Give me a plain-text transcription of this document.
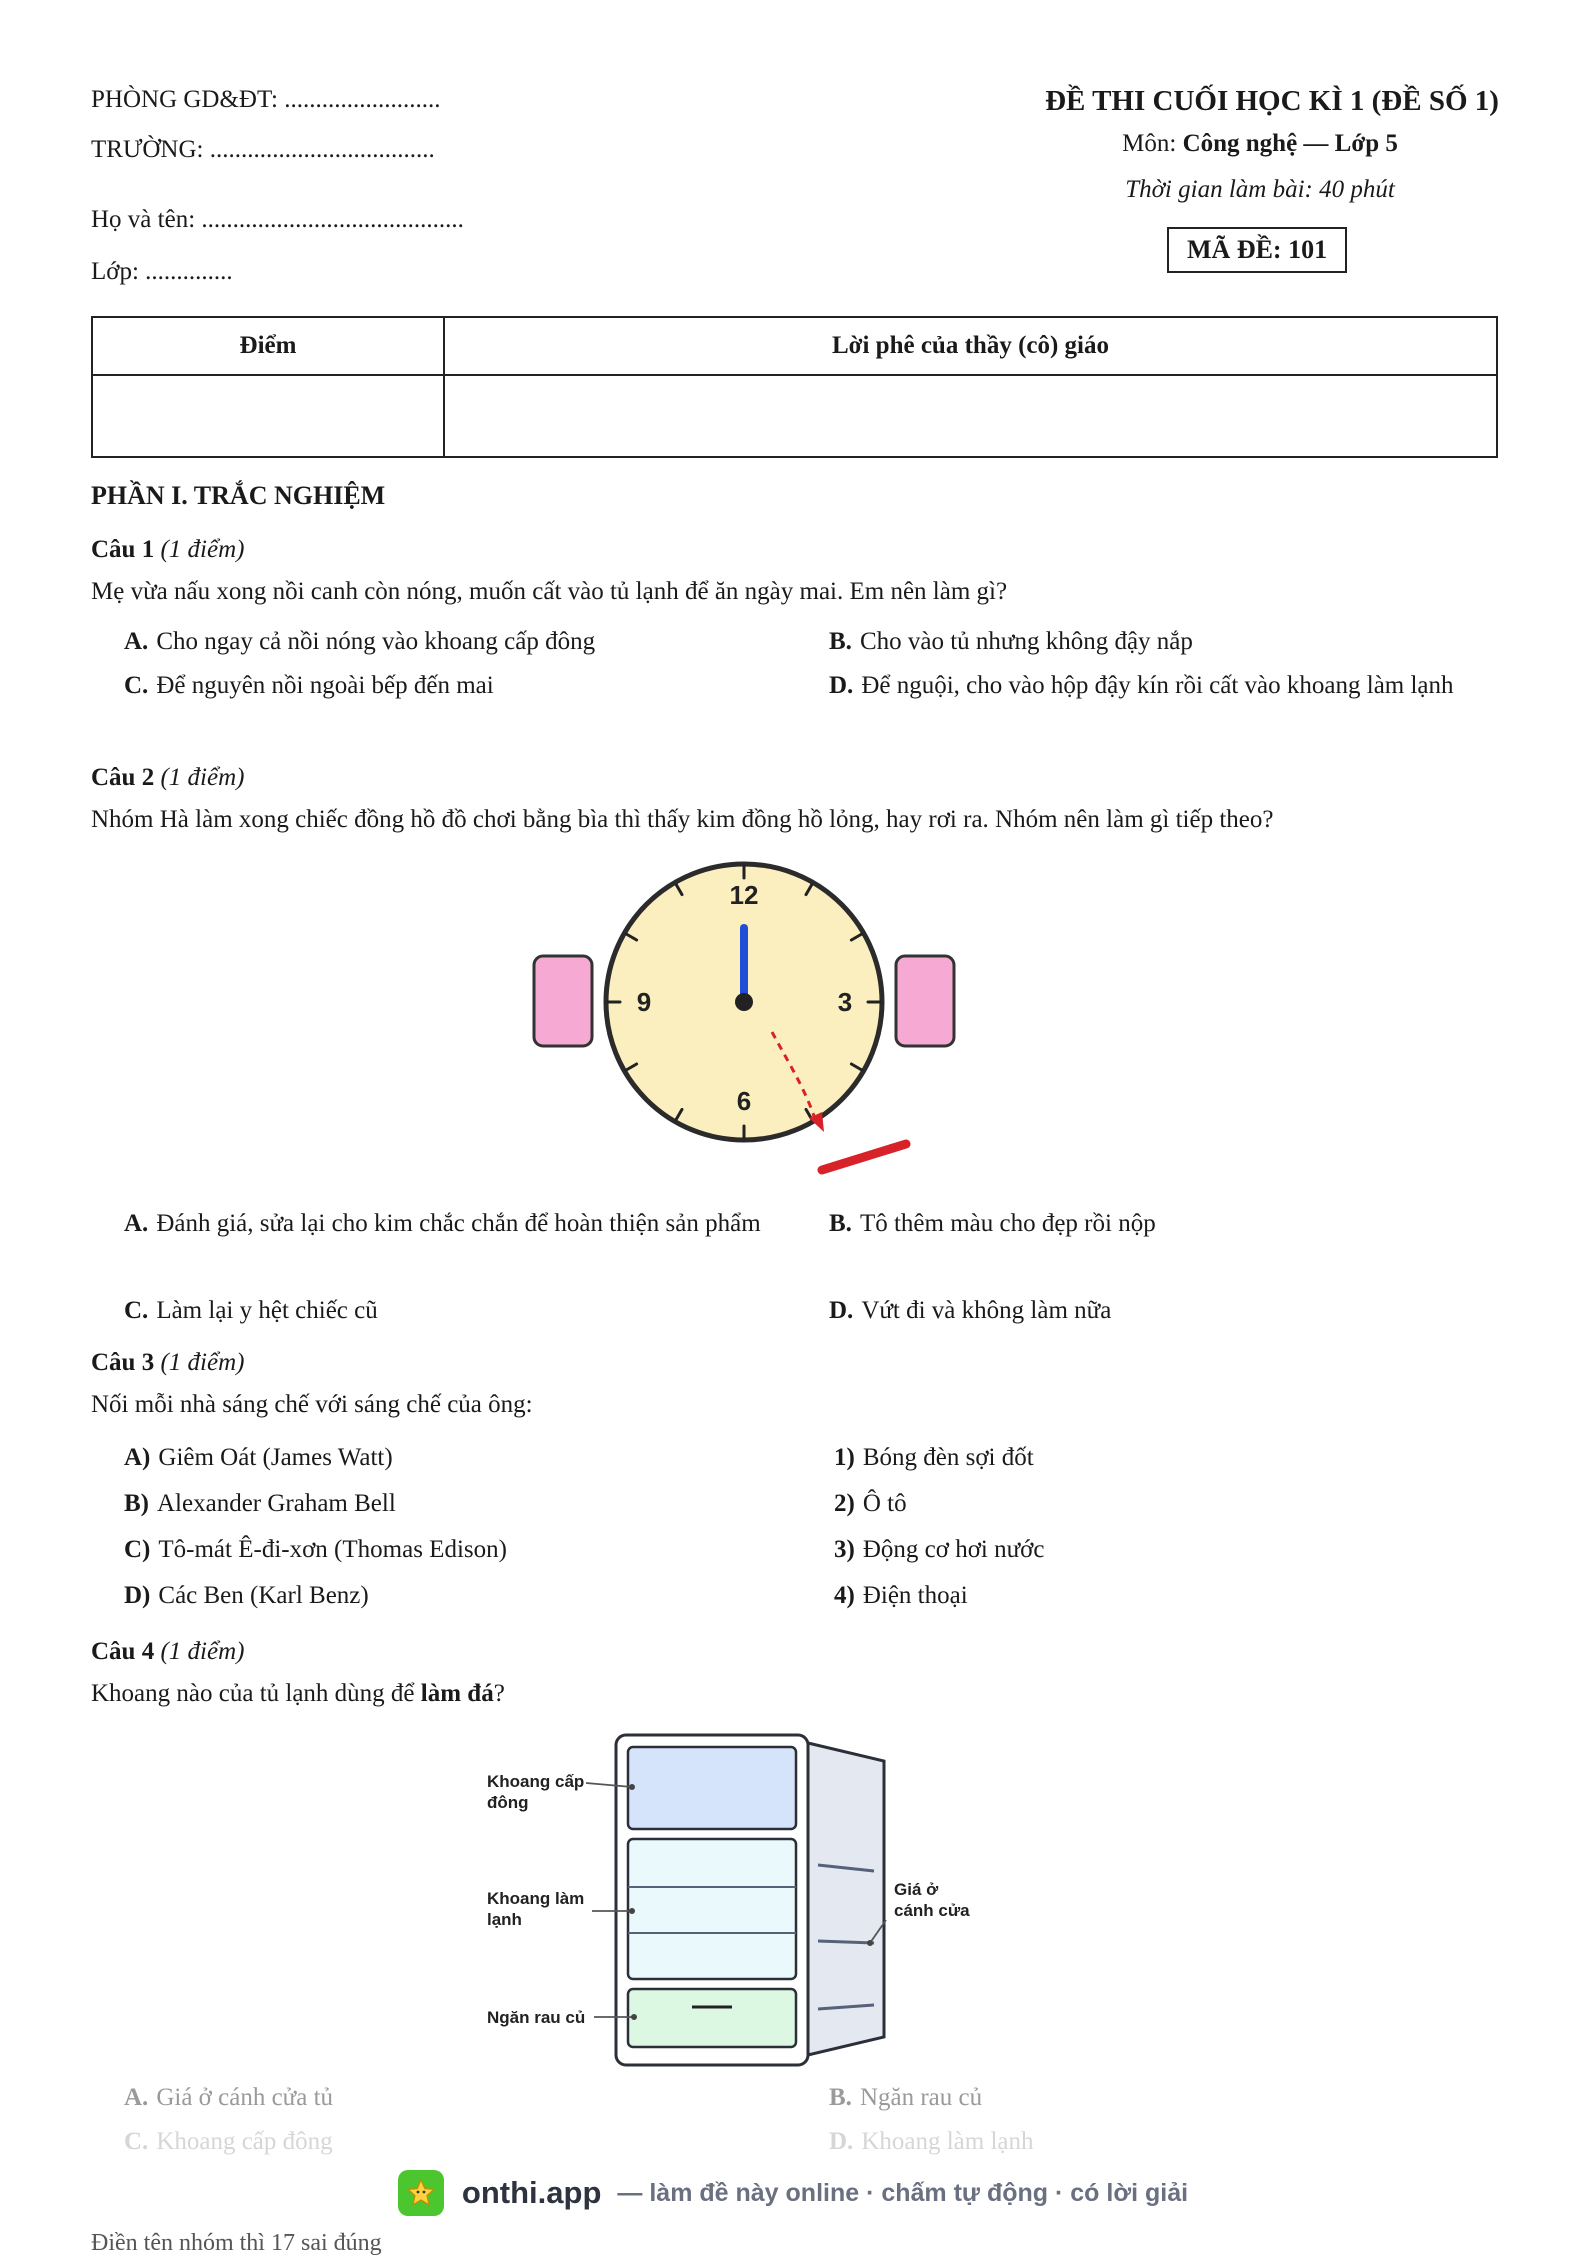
PHÒNG GD&ĐT: .........................
TRƯỜNG: ....................................
Họ và tên: ..........................................
Lớp: ..............
ĐỀ THI CUỐI HỌC KÌ 1 (ĐỀ SỐ 1)
Môn: Công nghệ — Lớp 5
Thời gian làm bài: 40 phút
MÃ ĐỀ: 101
Điểm	Lời phê của thầy (cô) giáo

PHẦN I. TRẮC NGHIỆM
Câu 1 (1 điểm)
Mẹ vừa nấu xong nồi canh còn nóng, muốn cất vào tủ lạnh để ăn ngày mai. Em nên làm gì?
A. Cho ngay cả nồi nóng vào khoang cấp đông	B. Cho vào tủ nhưng không đậy nắp
C. Để nguyên nồi ngoài bếp đến mai	D. Để nguội, cho vào hộp đậy kín rồi cất vào khoang làm lạnh
Câu 2 (1 điểm)
Nhóm Hà làm xong chiếc đồng hồ đồ chơi bằng bìa thì thấy kim đồng hồ lỏng, hay rơi ra. Nhóm nên làm gì tiếp theo?
12
3
6
9
A. Đánh giá, sửa lại cho kim chắc chắn để hoàn thiện sản phẩm	B. Tô thêm màu cho đẹp rồi nộp
C. Làm lại y hệt chiếc cũ	D. Vứt đi và không làm nữa
Câu 3 (1 điểm)
Nối mỗi nhà sáng chế với sáng chế của ông:
A) Giêm Oát (James Watt)
B) Alexander Graham Bell
C) Tô-mát Ê-đi-xơn (Thomas Edison)
D) Các Ben (Karl Benz)
1) Bóng đèn sợi đốt
2) Ô tô
3) Động cơ hơi nước
4) Điện thoại
Câu 4 (1 điểm)
Khoang nào của tủ lạnh dùng để làm đá?
Khoang cấp
đông
Khoang làm
lạnh
Ngăn rau củ
Giá ở
cánh cửa
A. Giá ở cánh cửa tủ	B. Ngăn rau củ
C. Khoang cấp đông	D. Khoang làm lạnh
onthi.app — làm đề này online · chấm tự động · có lời giải
Điền tên nhóm thì 17 sai đúng
